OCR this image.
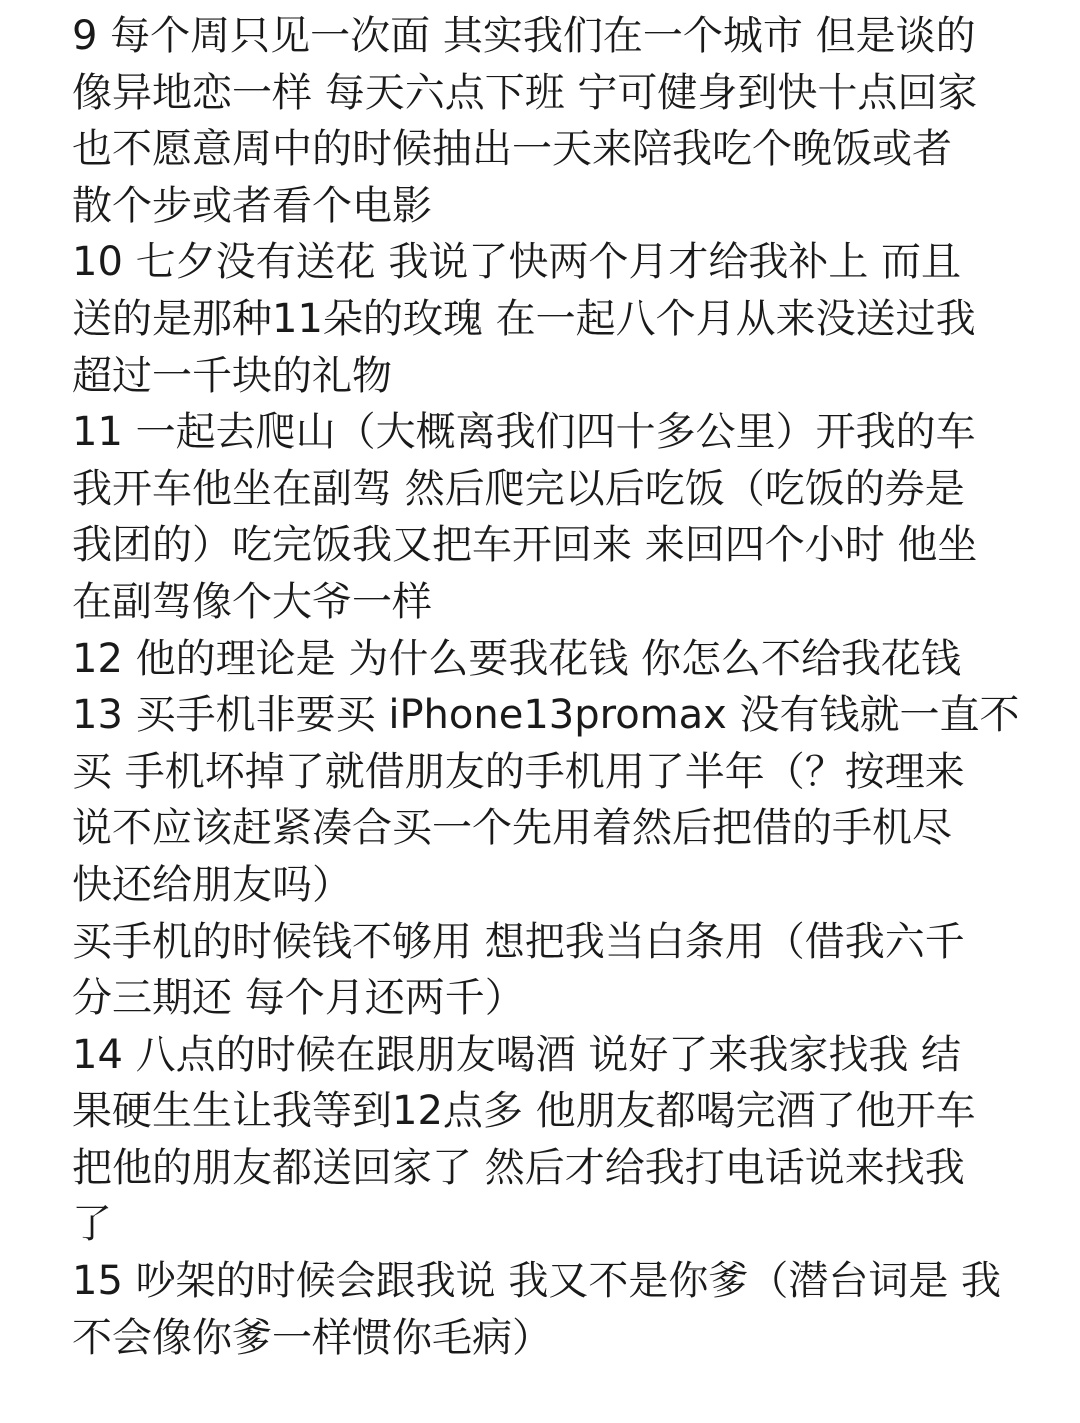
9 每个周只见一次面 其实我们在一个城市 但是谈的
像异地恋一样 每天六点下班 宁可健身到快十点回家
也不愿意周中的时候抽出一天来陪我吃个晚饭或者
散个步或者看个电影
10 七夕没有送花 我说了快两个月才给我补上 而且
送的是那种11朵的玫瑰 在一起八个月从来没送过我
超过一千块的礼物
11 一起去爬山（大概离我们四十多公里）开我的车
我开车他坐在副驾 然后爬完以后吃饭（吃饭的券是
我团的）吃完饭我又把车开回来 来回四个小时 他坐
在副驾像个大爷一样
12 他的理论是 为什么要我花钱 你怎么不给我花钱
13 买手机非要买 iPhone13promax 没有钱就一直不
买 手机坏掉了就借朋友的手机用了半年（？按理来
说不应该赶紧凑合买一个先用着然后把借的手机尽
快还给朋友吗）
买手机的时候钱不够用 想把我当白条用（借我六千
分三期还 每个月还两千）
14 八点的时候在跟朋友喝酒 说好了来我家找我 结
果硬生生让我等到12点多 他朋友都喝完酒了他开车
把他的朋友都送回家了 然后才给我打电话说来找我
了
15 吵架的时候会跟我说 我又不是你爹（潜台词是 我
不会像你爹一样惯你毛病）
